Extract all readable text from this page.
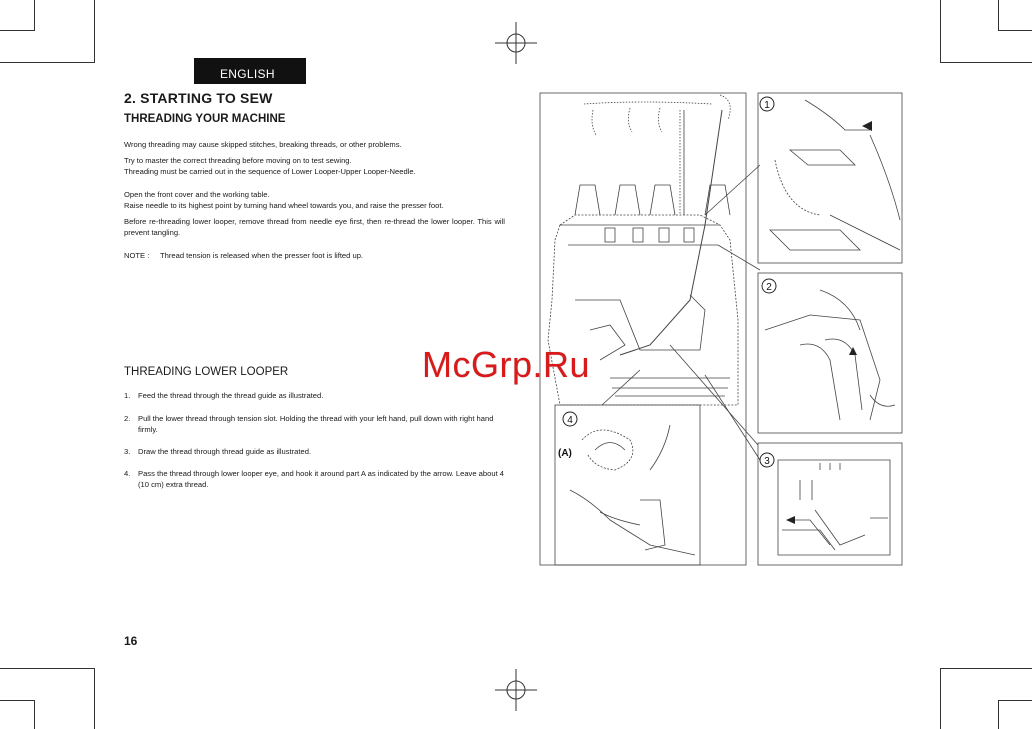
ENGLISH
2. STARTING TO SEW
THREADING YOUR MACHINE
Wrong threading may cause skipped stitches, breaking threads, or other problems.
Try to master the correct threading before moving on to test sewing.
Threading must be carried out in the sequence of Lower Looper-Upper Looper-Needle.
Open the front cover and the working table.
Raise needle to its highest point by turning hand wheel towards you, and raise the presser foot.
Before re-threading lower looper, remove thread from needle eye first, then re-thread the lower looper. This will prevent tangling.
NOTE : Thread tension is released when the presser foot is lifted up.
THREADING LOWER LOOPER
1. Feed the thread through the thread guide as illustrated.
2. Pull the lower thread through tension slot. Holding the thread with your left hand, pull down with right hand firmly.
3. Draw the thread through thread guide as illustrated.
4. Pass the thread through lower looper eye, and hook it around part A as indicated by the arrow. Leave about 4 (10 cm) extra thread.
1
2
3
4
(A)
McGrp.Ru
16
